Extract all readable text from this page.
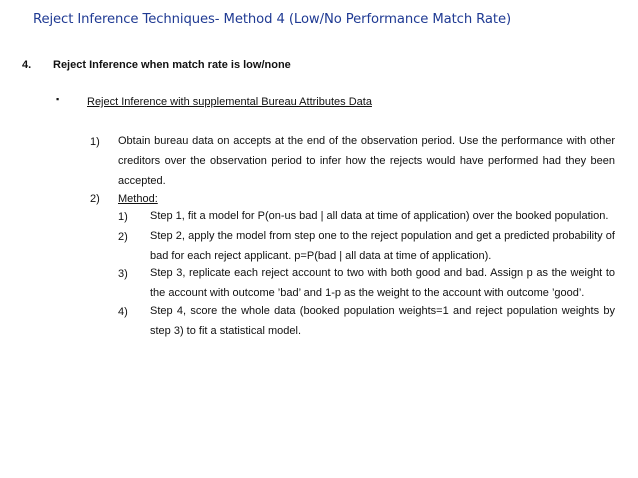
Reject Inference Techniques- Method 4 (Low/No Performance Match Rate)
4. Reject Inference when match rate is low/none
▪	Reject Inference with supplemental Bureau Attributes Data
1) Obtain bureau data on accepts at the end of the observation period. Use the performance with other creditors over the observation period to infer how the rejects would have performed had they been accepted.
2) Method:
1) Step 1, fit a model for P(on-us bad | all data at time of application) over the booked population.
2) Step 2, apply the model from step one to the reject population and get a predicted probability of bad for each reject applicant. p=P(bad | all data at time of application).
3) Step 3, replicate each reject account to two with both good and bad. Assign p as the weight to the account with outcome ’bad’ and 1-p as the weight to the account with outcome ’good’.
4) Step 4, score the whole data (booked population weights=1 and reject population weights by step 3) to fit a statistical model.
